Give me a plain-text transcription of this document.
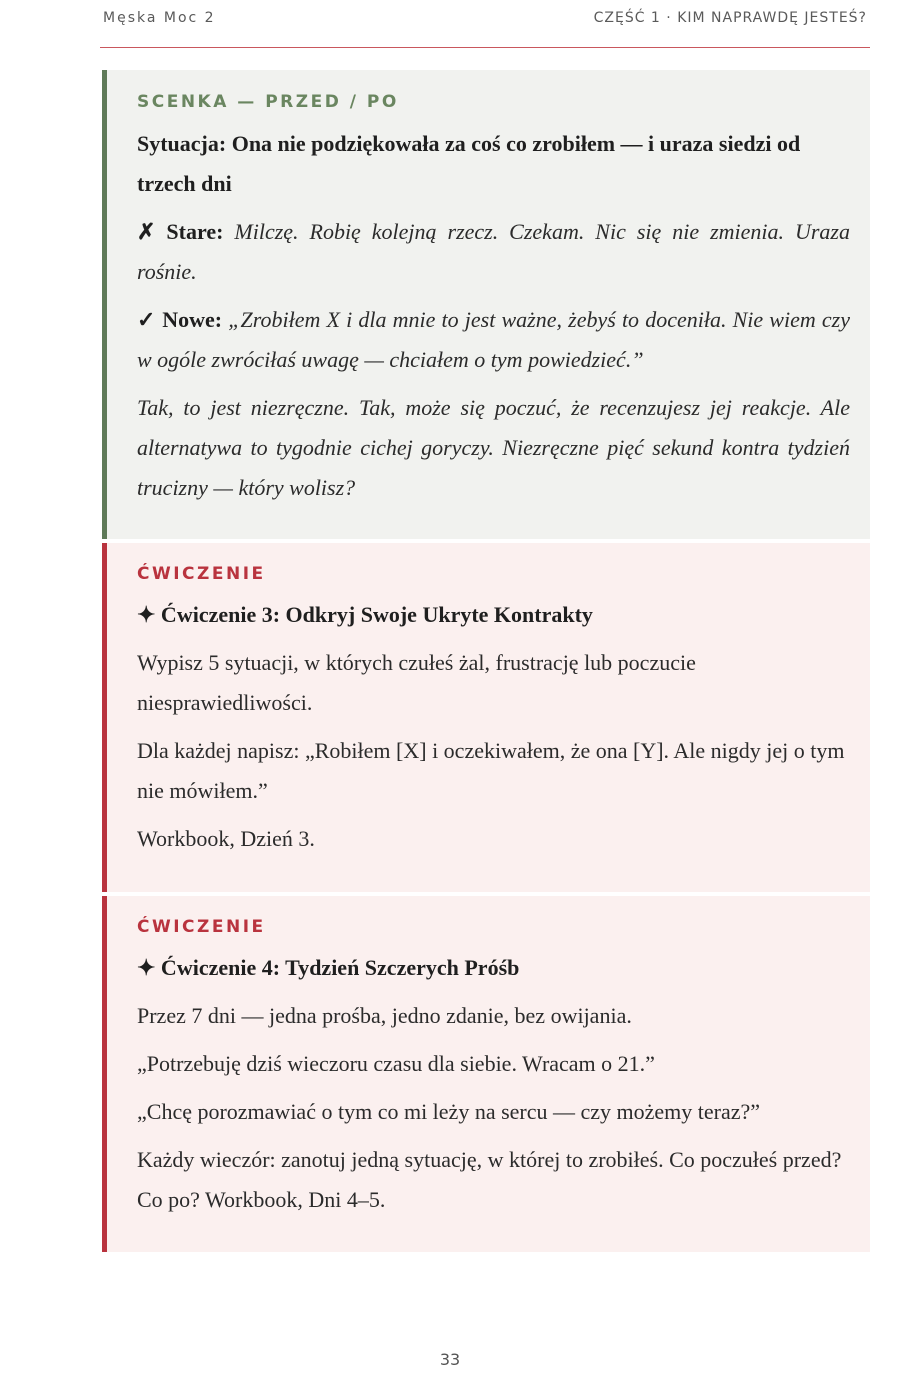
Męska Moc 2	CZĘŚĆ 1 · KIM NAPRAWDĘ JESTEŚ?
SCENKA — PRZED / PO
Sytuacja: Ona nie podziękowała za coś co zrobiłem — i uraza siedzi od trzech dni

✗ Stare: Milczę. Robię kolejną rzecz. Czekam. Nic się nie zmienia. Uraza rośnie.

✓ Nowe: „Zrobiłem X i dla mnie to jest ważne, żebyś to doceniła. Nie wiem czy w ogóle zwróciłaś uwagę — chciałem o tym powiedzieć.”

Tak, to jest niezręczne. Tak, może się poczuć, że recenzujesz jej reakcje. Ale alternatywa to tygodnie cichej goryczy. Niezręczne pięć sekund kontra tydzień trucizny — który wolisz?

ĆWICZENIE
✦ Ćwiczenie 3: Odkryj Swoje Ukryte Kontrakty

Wypisz 5 sytuacji, w których czułeś żal, frustrację lub poczucie niesprawiedliwości.

Dla każdej napisz: „Robiłem [X] i oczekiwałem, że ona [Y]. Ale nigdy jej o tym nie mówiłem.”

Workbook, Dzień 3.

ĆWICZENIE
✦ Ćwiczenie 4: Tydzień Szczerych Próśb

Przez 7 dni — jedna prośba, jedno zdanie, bez owijania.

„Potrzebuję dziś wieczoru czasu dla siebie. Wracam o 21.”

„Chcę porozmawiać o tym co mi leży na sercu — czy możemy teraz?”

Każdy wieczór: zanotuj jedną sytuację, w której to zrobiłeś. Co poczułeś przed? Co po? Workbook, Dni 4–5.

33
